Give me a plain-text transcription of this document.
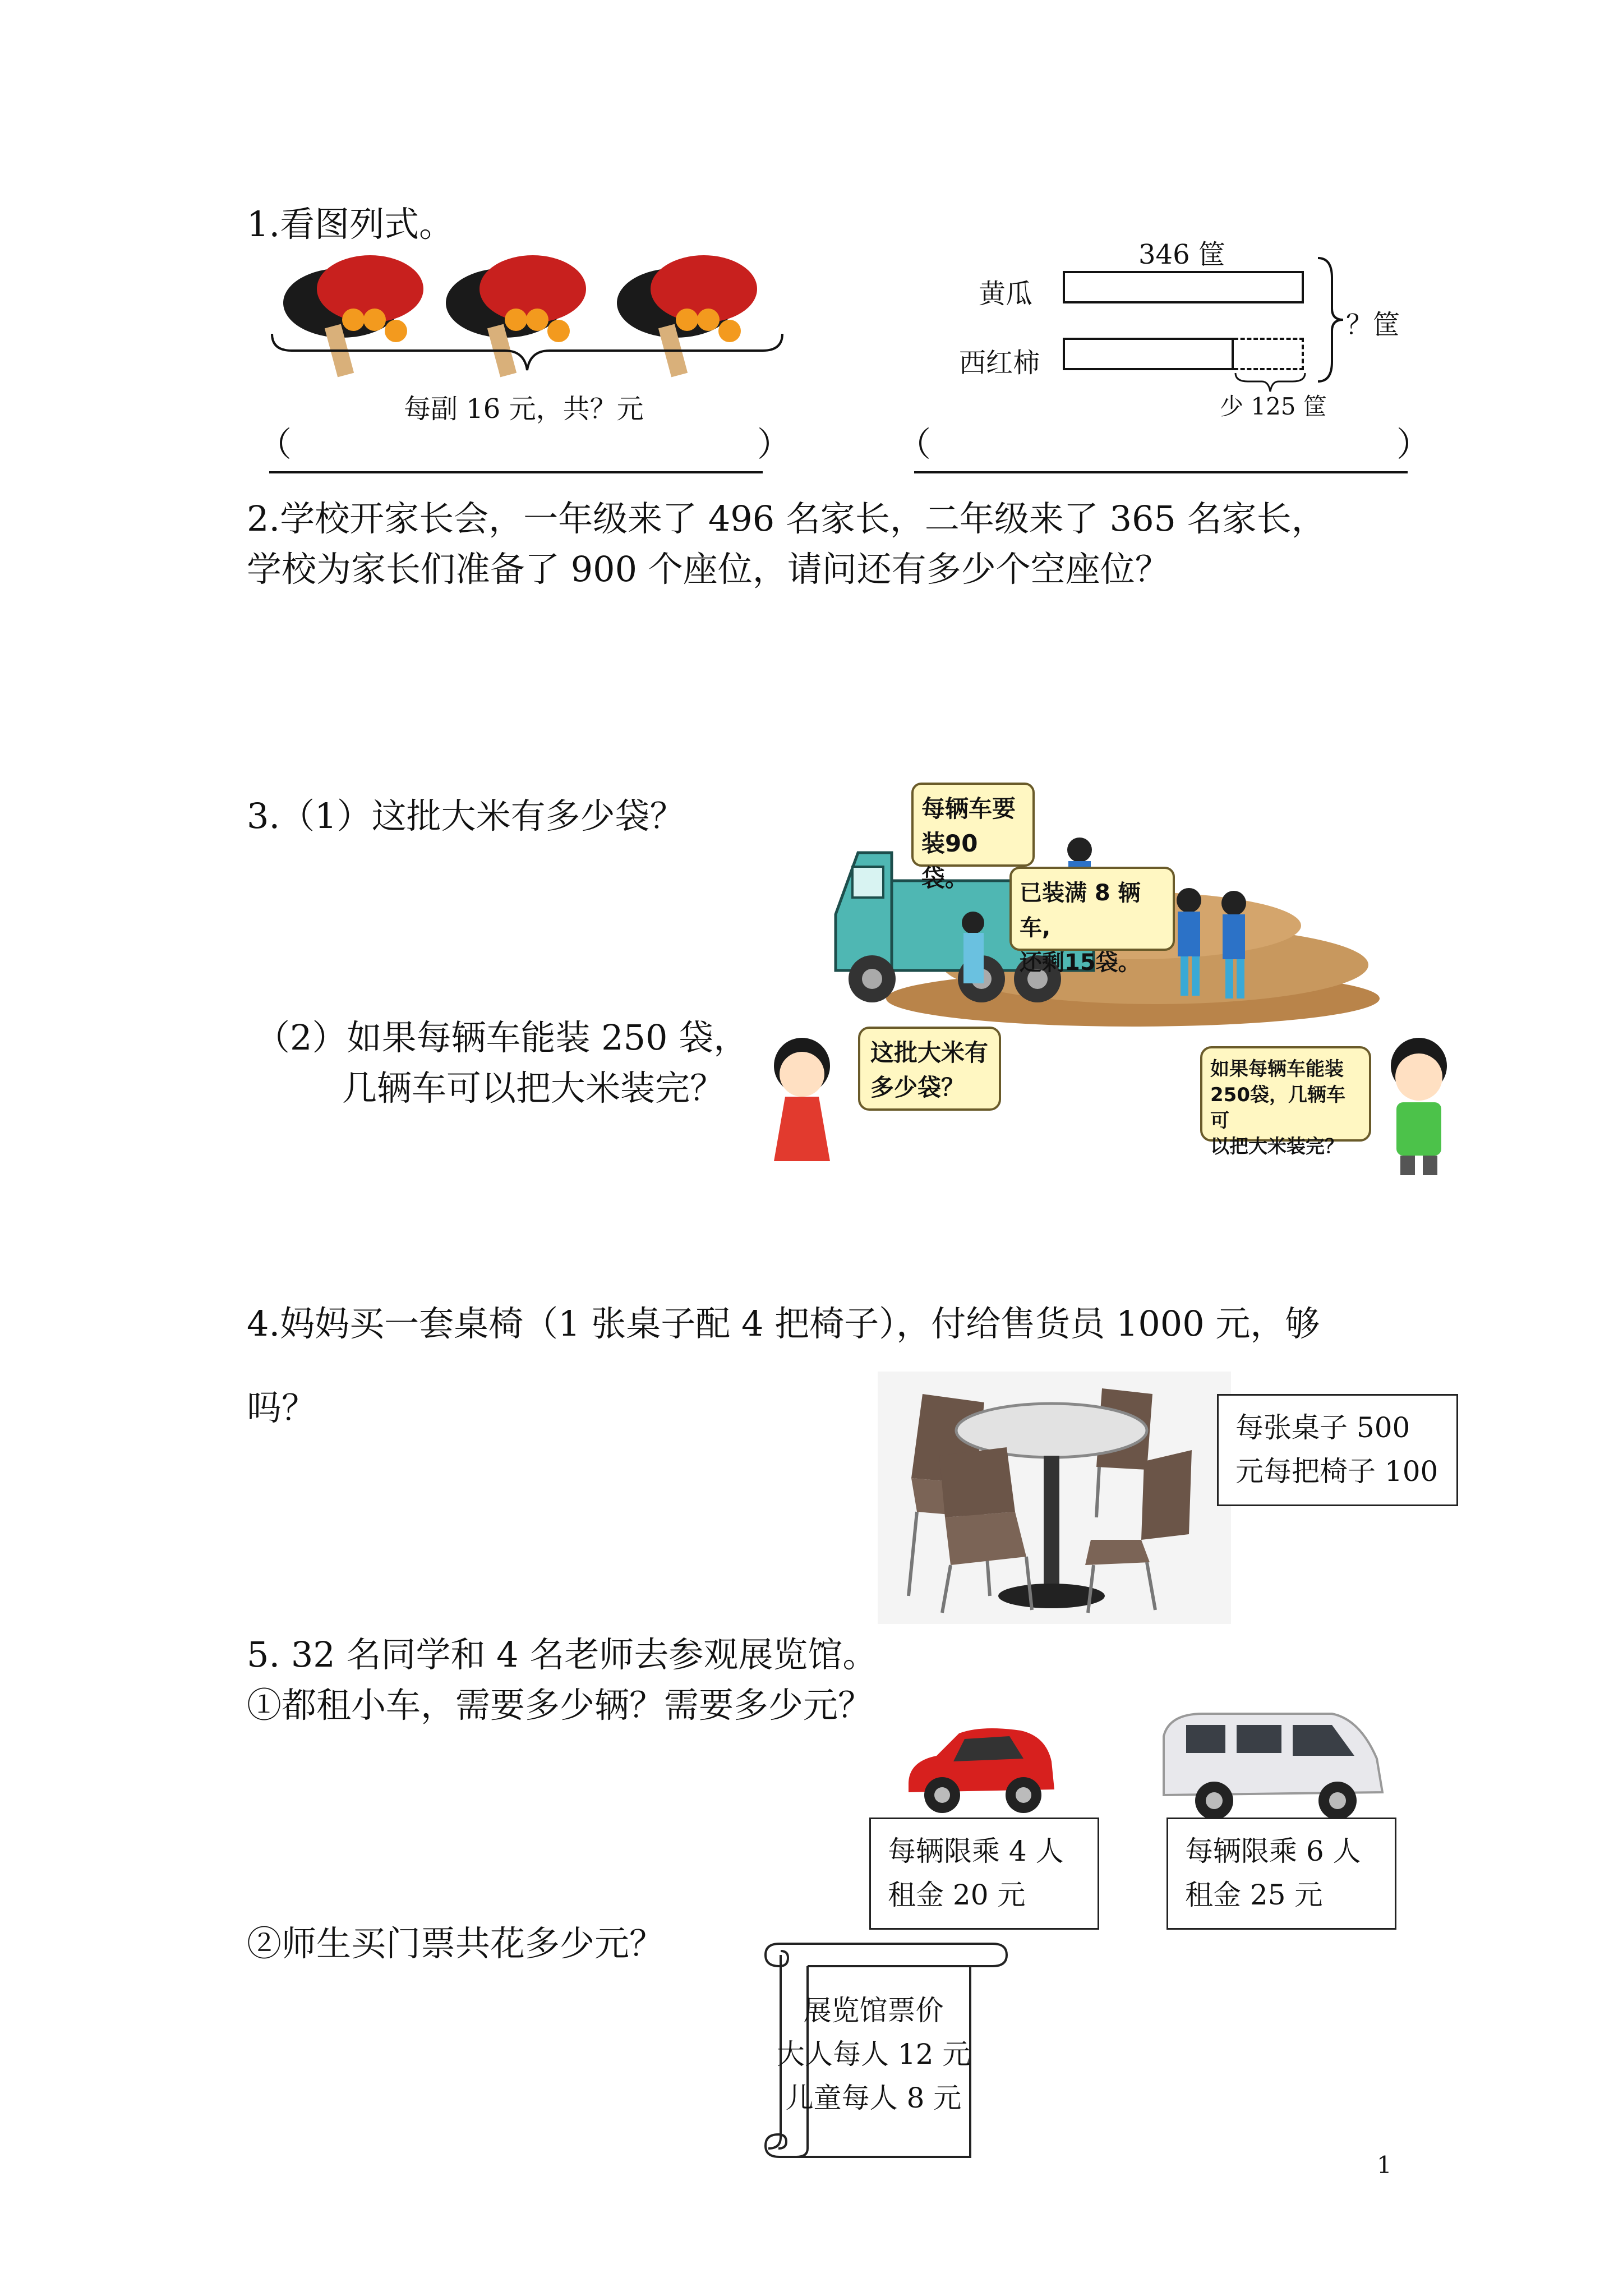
1.看图列式。
每副 16 元，共？元
（	）
346 筐
黄瓜
西红柿
？筐
少 125 筐
（	）
2.学校开家长会，一年级来了 496 名家长，二年级来了 365 名家长，
学校为家长们准备了 900 个座位，请问还有多少个空座位？
3.（1）这批大米有多少袋？
（2）如果每辆车能装 250 袋，
几辆车可以把大米装完？
每辆车要
装90袋。
已装满 8 辆车,
还剩15袋。
这批大米有
多少袋？
如果每辆车能装
250袋，几辆车可
以把大米装完？
4.妈妈买一套桌椅（1 张桌子配 4 把椅子），付给售货员 1000 元，够
吗？	每张桌子 500
元每把椅子 100
5. 32 名同学和 4 名老师去参观展览馆。
①都租小车，需要多少辆？需要多少元？
每辆限乘 4 人
租金 20 元
每辆限乘 6 人
租金 25 元
②师生买门票共花多少元？
展览馆票价
大人每人 12 元
儿童每人 8 元
1
